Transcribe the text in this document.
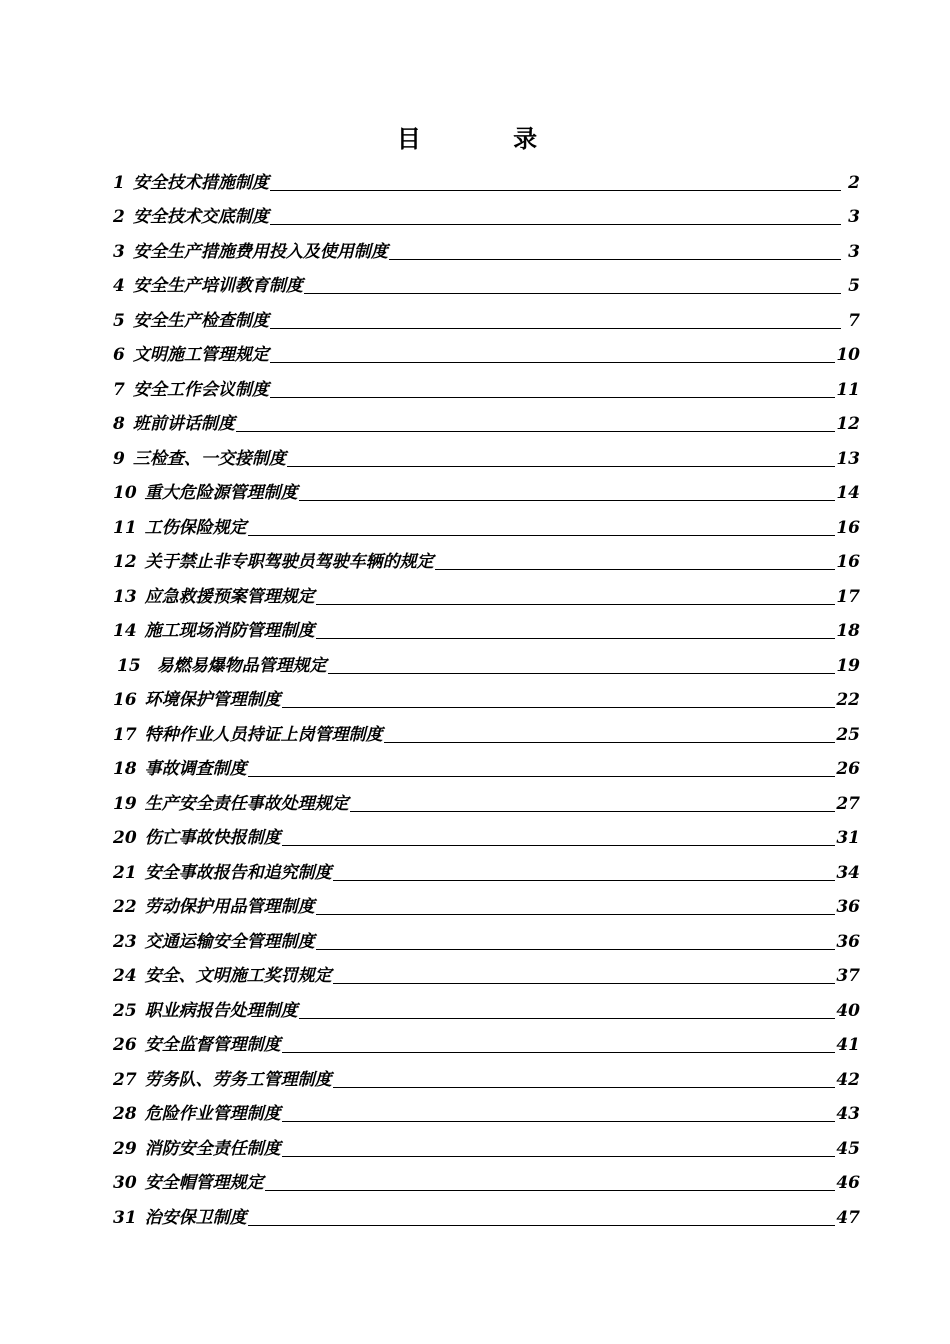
目 录
1 安全技术措施制度	2
2 安全技术交底制度	3
3 安全生产措施费用投入及使用制度	3
4 安全生产培训教育制度	5
5 安全生产检查制度	7
6 文明施工管理规定	10
7 安全工作会议制度	11
8 班前讲话制度	12
9 三检查、一交接制度	13
10 重大危险源管理制度	14
11 工伤保险规定	16
12 关于禁止非专职驾驶员驾驶车辆的规定	16
13 应急救援预案管理规定	17
14 施工现场消防管理制度	18
15 易燃易爆物品管理规定	19
16 环境保护管理制度	22
17 特种作业人员持证上岗管理制度	25
18 事故调查制度	26
19 生产安全责任事故处理规定	27
20 伤亡事故快报制度	31
21 安全事故报告和追究制度	34
22 劳动保护用品管理制度	36
23 交通运输安全管理制度	36
24 安全、文明施工奖罚规定	37
25 职业病报告处理制度	40
26 安全监督管理制度	41
27 劳务队、劳务工管理制度	42
28 危险作业管理制度	43
29 消防安全责任制度	45
30 安全帽管理规定	46
31 治安保卫制度	47
